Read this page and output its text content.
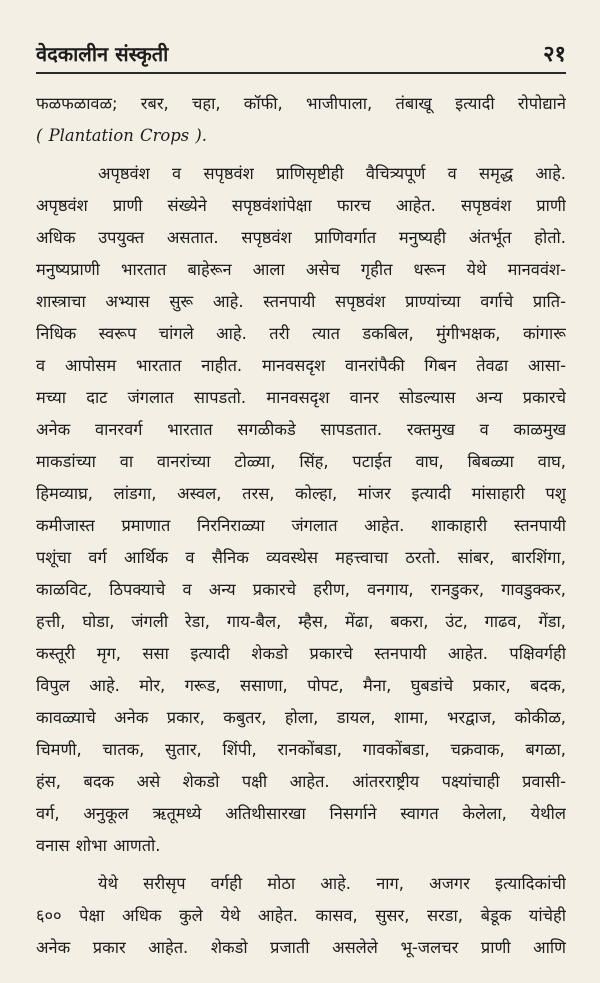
वेदकालीन संस्कृती	२१
फळफळावळ; रबर, चहा, कॉफी, भाजीपाला, तंबाखू इत्यादी रोपोद्याने
( Plantation Crops ).
अपृष्ठवंश व सपृष्ठवंश प्राणिसृष्टीही वैचित्र्यपूर्ण व समृद्ध आहे.
अपृष्ठवंश प्राणी संख्येने सपृष्ठवंशांपेक्षा फारच आहेत. सपृष्ठवंश प्राणी
अधिक उपयुक्त असतात. सपृष्ठवंश प्राणिवर्गात मनुष्यही अंतर्भूत होतो.
मनुष्यप्राणी भारतात बाहेरून आला असेच गृहीत धरून येथे मानववंश-
शास्त्राचा अभ्यास सुरू आहे. स्तनपायी सपृष्ठवंश प्राण्यांच्या वर्गाचे प्राति-
निधिक स्वरूप चांगले आहे. तरी त्यात डकबिल, मुंगीभक्षक, कांगारू
व आपोसम भारतात नाहीत. मानवसदृश वानरांपैकी गिबन तेवढा आसा-
मच्या दाट जंगलात सापडतो. मानवसदृश वानर सोडल्यास अन्य प्रकारचे
अनेक वानरवर्ग भारतात सगळीकडे सापडतात. रक्तमुख व काळमुख
माकडांच्या वा वानरांच्या टोळ्या, सिंह, पटाईत वाघ, बिबळ्या वाघ,
हिमव्याघ्र, लांडगा, अस्वल, तरस, कोल्हा, मांजर इत्यादी मांसाहारी पशू
कमीजास्त प्रमाणात निरनिराळ्या जंगलात आहेत. शाकाहारी स्तनपायी
पशूंचा वर्ग आर्थिक व सैनिक व्यवस्थेस महत्त्वाचा ठरतो. सांबर, बारशिंगा,
काळविट, ठिपक्याचे व अन्य प्रकारचे हरीण, वनगाय, रानडुकर, गावडुक्कर,
हत्ती, घोडा, जंगली रेडा, गाय-बैल, म्हैस, मेंढा, बकरा, उंट, गाढव, गेंडा,
कस्तूरी मृग, ससा इत्यादी शेकडो प्रकारचे स्तनपायी आहेत. पक्षिवर्गही
विपुल आहे. मोर, गरूड, ससाणा, पोपट, मैना, घुबडांचे प्रकार, बदक,
कावळ्याचे अनेक प्रकार, कबुतर, होला, डायल, शामा, भरद्वाज, कोकीळ,
चिमणी, चातक, सुतार, शिंपी, रानकोंबडा, गावकोंबडा, चक्रवाक, बगळा,
हंस, बदक असे शेकडो पक्षी आहेत. आंतरराष्ट्रीय पक्ष्यांचाही प्रवासी-
वर्ग, अनुकूल ऋतूमध्ये अतिथीसारखा निसर्गाने स्वागत केलेला, येथील
वनास शोभा आणतो.
येथे सरीसृप वर्गही मोठा आहे. नाग, अजगर इत्यादिकांची
६०० पेक्षा अधिक कुले येथे आहेत. कासव, सुसर, सरडा, बेडूक यांचेही
अनेक प्रकार आहेत. शेकडो प्रजाती असलेले भू-जलचर प्राणी आणि
